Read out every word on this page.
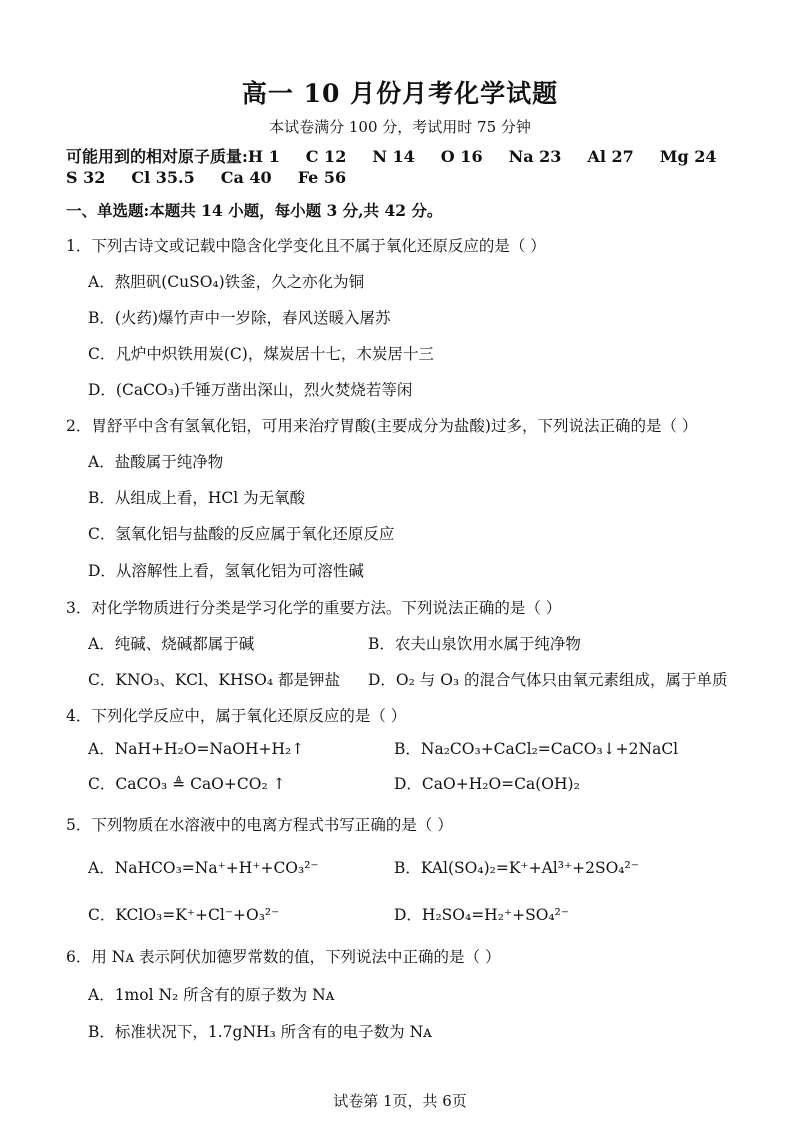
高一 10 月份月考化学试题
本试卷满分 100 分，考试用时 75 分钟
可能用到的相对原子质量:H 1 C 12 N 14 O 16 Na 23 Al 27 Mg 24
S 32 Cl 35.5 Ca 40 Fe 56
一、单选题:本题共 14 小题，每小题 3 分,共 42 分。
1．下列古诗文或记载中隐含化学变化且不属于氧化还原反应的是（ ）
A．熬胆矾(CuSO₄)铁釜，久之亦化为铜
B．(火药)爆竹声中一岁除，春风送暖入屠苏
C．凡炉中炽铁用炭(C)，煤炭居十七，木炭居十三
D．(CaCO₃)千锤万凿出深山，烈火焚烧若等闲
2．胃舒平中含有氢氧化铝，可用来治疗胃酸(主要成分为盐酸)过多，下列说法正确的是（ ）
A．盐酸属于纯净物
B．从组成上看，HCl 为无氧酸
C．氢氧化铝与盐酸的反应属于氧化还原反应
D．从溶解性上看，氢氧化铝为可溶性碱
3．对化学物质进行分类是学习化学的重要方法。下列说法正确的是（ ）
A．纯碱、烧碱都属于碱	B．农夫山泉饮用水属于纯净物
C．KNO₃、KCl、KHSO₄ 都是钾盐 D．O₂ 与 O₃ 的混合气体只由氧元素组成，属于单质
4．下列化学反应中，属于氧化还原反应的是（ ）
A．NaH+H₂O=NaOH+H₂↑	B．Na₂CO₃+CaCl₂=CaCO₃↓+2NaCl
C．CaCO₃ ≜ CaO+CO₂ ↑	D．CaO+H₂O=Ca(OH)₂
5．下列物质在水溶液中的电离方程式书写正确的是（ ）
A．NaHCO₃=Na⁺+H⁺+CO₃²⁻	B．KAl(SO₄)₂=K⁺+Al³⁺+2SO₄²⁻
C．KClO₃=K⁺+Cl⁻+O₃²⁻	D．H₂SO₄=H₂⁺+SO₄²⁻
6．用 Nᴀ 表示阿伏加德罗常数的值，下列说法中正确的是（ ）
A．1mol N₂ 所含有的原子数为 Nᴀ
B．标准状况下，1.7gNH₃ 所含有的电子数为 Nᴀ
试卷第 1页，共 6页
